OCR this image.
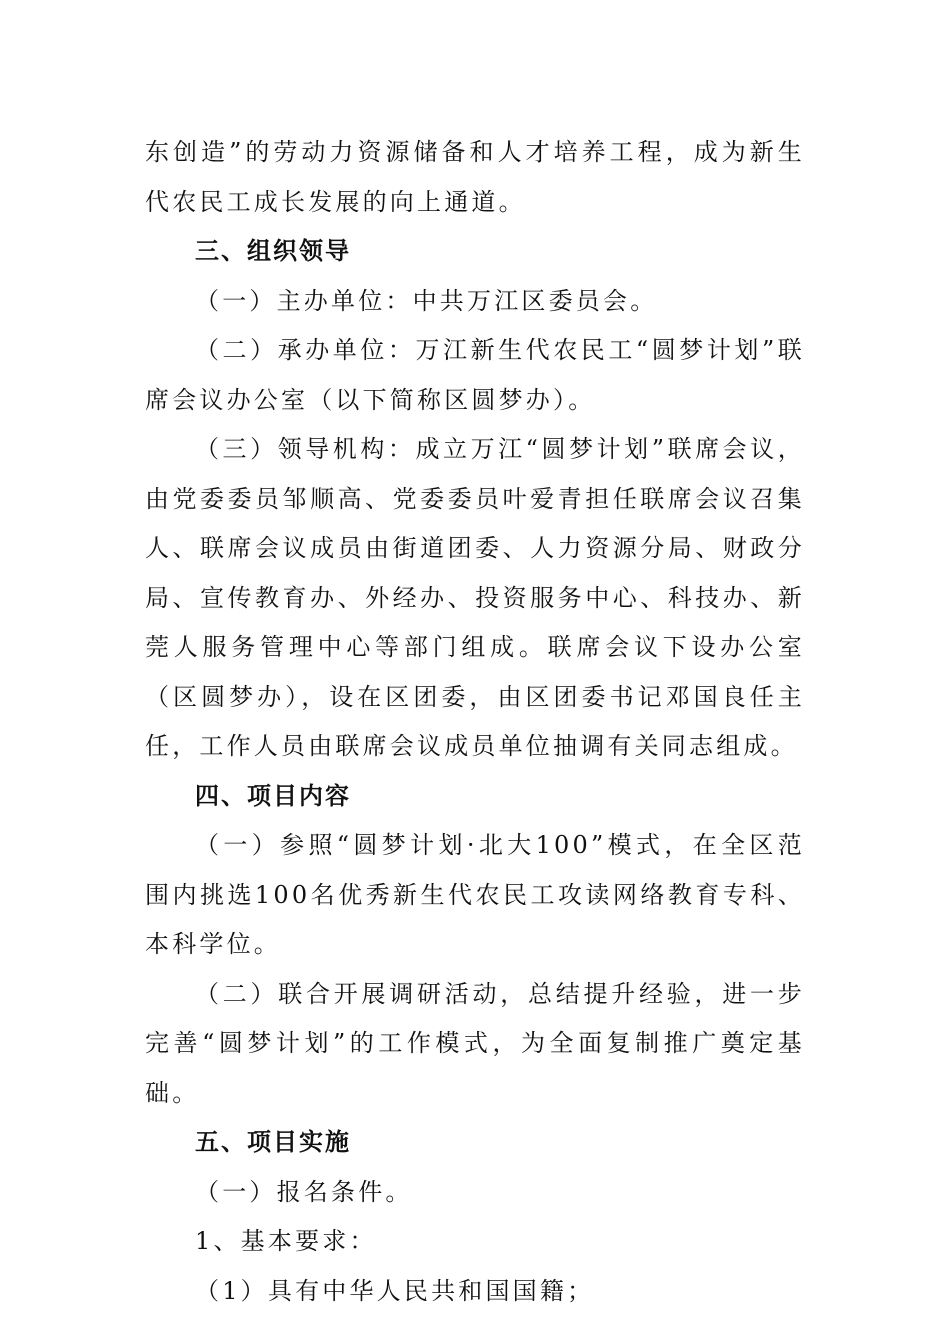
东创造”的劳动力资源储备和人才培养工程，成为新生代农民工成长发展的向上通道。

三、组织领导

（一）主办单位：中共万江区委员会。

（二）承办单位：万江新生代农民工“圆梦计划”联席会议办公室（以下简称区圆梦办）。

（三）领导机构：成立万江“圆梦计划”联席会议，由党委委员邹顺高、党委委员叶爱青担任联席会议召集人、联席会议成员由街道团委、人力资源分局、财政分局、宣传教育办、外经办、投资服务中心、科技办、新莞人服务管理中心等部门组成。联席会议下设办公室（区圆梦办），设在区团委，由区团委书记邓国良任主任，工作人员由联席会议成员单位抽调有关同志组成。

四、项目内容

（一）参照“圆梦计划·北大100”模式，在全区范围内挑选100名优秀新生代农民工攻读网络教育专科、本科学位。

（二）联合开展调研活动，总结提升经验，进一步完善“圆梦计划”的工作模式，为全面复制推广奠定基础。

五、项目实施

（一）报名条件。

1、基本要求：

（1）具有中华人民共和国国籍；
